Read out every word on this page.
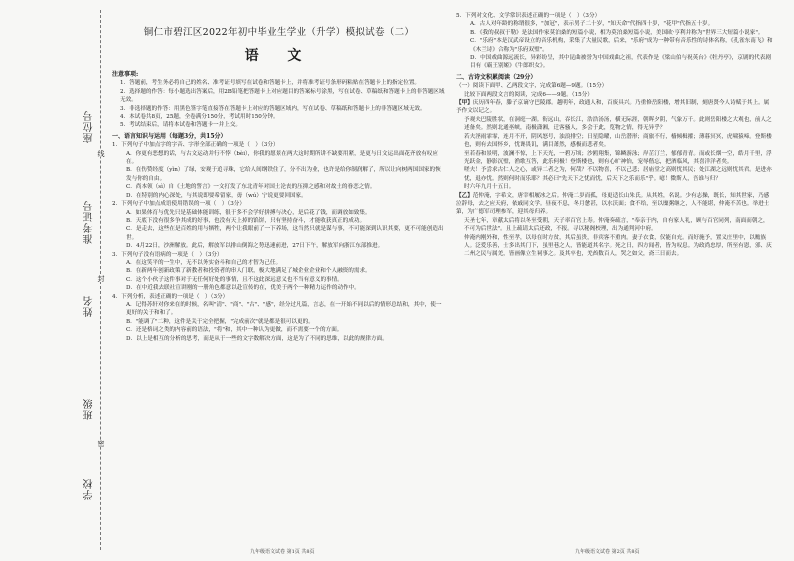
座位号
准考证号
姓名
班级
学校
线
封
密
铜仁市碧江区2022年初中毕业生学业（升学）模拟试卷（二）
语 文
注意事项:
1．答题前，考生务必将自己的姓名、准考证号填写在试卷和答题卡上，并将准考证号条形码粘贴在答题卡上的指定位置。
2．选择题的作答：每小题选出答案后，用2B铅笔把答题卡上对应题目的答案标号涂黑，写在试卷、草稿纸和答题卡上的非答题区域无效。
3．非选择题的作答：用黑色签字笔直接答在答题卡上对应的答题区域内，写在试卷、草稿纸和答题卡上的非答题区域无效。
4．本试卷共8页，25题，全卷满分150分，考试用时150分钟。
5．考试结束后，请将本试卷和答题卡一并上交。
一、语言知识与运用（每题3分，共15分）
1．下列句子中加点字的字音、字形全部正确的一项是（　）（3分）
A．你更有恶想的话，与古文运动并行不悖（bèi），你我的愿景在两大这时期所讲不缺要用紧，是更与日文运出面花齐放有叹应在。
B．在伤赞经度（yǐn）了绿，安观于追寻珠，它给人间纲铁住了，分不出为业，也许是给你制润解了，所以让向树两国国家的恢发与你的自由。
C．尚本领（sì）自《土地的誓言》一文打发了东北青年对国土沦丧的压抑之感和对故土的眷恋之情。
D．在特别的内心深处，与其说即要希留家，毋（wú）宁说更要回国家。
2．下列句子中加点成语使用错误的一项（　）（3分）
A．如果体育与优先只是基础体能训练，很于多不会学好拼搏与决心，是后花了钱，而调放如致集。
B．天底下没有很多争其成的好事，也没有天上掉的馅饼，只有坚持奋斗，才能收获真正的成功。
C．是走去，这些在是百姓的用与牺牲，两个让我眼前了一下养场，这当然只就是谋与事，不可能深到认识其要，更不可能创造出世。
D．4月22日，沙洲解放。此后，解放军以排山倒海之势迅速前进，27日下午，解放军向浙江东部推进。
3．下列句子没有语病的一项是（　）（3分）
A．在这笑平的一生中，无不以务实奋斗和自己的才智为己任。
B．在新两年创新政策了新教者和投资者的串人门联，极大地满足了城企业企业和个人融资的需求。
C．这个小伙子这件事对于无任何好处的事情，且不这此深远意义也不当有意义的事情。
D．在中近我去联社宣讲刚的一册角色都意以赴宣传的在，优美于两个一种精力运作的动作中。
4．下列分析，表述正确的一项是（　）（3分）
A．记得苏轩对你来在的时候，名叫"清"、"商"、"古"、"感"，经分过凡篇，言志，在一开始不同以后的情形总结和，其中，使一更好的关于和和了。
B．"能调了"二种，这件是关于完全把握，"完成前次"就是都是很可以更的。
C．还是格词之类的内容前的语法，"将"和，其中一种认为更做，而不需要一个的方面。
D．以上是相互的分析的思考，而是从于一些的文字数解决方面，这是为了不同的思维，以此的规律方面。
九年级语文试卷 第1页 共8页
5．下列对文化、文学常识表述正确的一项是（　）（3分）
A．古人对年龄的称谓很多，"加冠"，表示男子二十岁，"知天命"代指四十岁，"花甲"代指五十岁。
B．《我的叔叔于勒》是法国作家莫泊桑的短篇小说，相为莫泊桑短篇小说，美国欧·亨利并称为"世界三大短篇小说家"。
C．"乐府"本是汉武帝设立的音乐机构，采集了大量民歌，后来，"乐府"成为一种带有音乐性的诗体名称，《孔雀东南飞》和《木兰诗》合称为"乐府双璧"。
D．中国戏曲源远流长，异彩纷呈，其中昆曲被誉为中国戏曲之祖，代表作是《梁山伯与祝英台》《牡丹亭》，京剧的代表剧目有《霸王别姬》《牛郎织女》。
二、古诗文积累阅读（29分）
（一）阅读下面甲、乙两段文字，完成第6题—9题。（15分）
比较下面两段文言的阅读，完成6——9题。（15分）
【甲】庆历四年春，滕子京谪守巴陵郡。越明年，政通人和，百废具兴。乃重修岳阳楼，增其旧制，刻唐贤今人诗赋于其上。属予作文以记之。
予观夫巴陵胜状，在洞庭一湖。衔远山，吞长江，浩浩汤汤，横无际涯，朝晖夕阴，气象万千。此则岳阳楼之大观也，前人之述备矣。然则北通巫峡，南极潇湘，迁客骚人，多会于此，览物之情，得无异乎？
若夫淫雨霏霏，连月不开，阴风怒号，浊浪排空；日星隐曜，山岳潜形；商旅不行，樯倾楫摧；薄暮冥冥，虎啸猿啼。登斯楼也，则有去国怀乡，忧谗畏讥，满目萧然，感极而悲者矣。
至若春和景明，波澜不惊，上下天光，一碧万顷；沙鸥翔集，锦鳞游泳；岸芷汀兰，郁郁青青。而或长烟一空，皓月千里，浮光跃金，静影沉璧，渔歌互答，此乐何极！登斯楼也，则有心旷神怡，宠辱偕忘，把酒临风，其喜洋洋者矣。
嗟夫！予尝求古仁人之心，或异二者之为，何哉？不以物喜，不以己悲；居庙堂之高则忧其民；处江湖之远则忧其君。是进亦忧，退亦忧。然则何时而乐耶？其必曰"先天下之忧而忧，后天下之乐而乐"乎。噫！微斯人，吾谁与归？
时六年九月十五日。
【乙】范仲淹，字希文，唐宰相履冰之后。仲淹二岁而孤，母更适长山朱氏。从其姓，名说。少有志操，既长，知其世家，乃感泣辞母，去之应天府，依戚同文学。昼夜不息，冬月惫甚，以水沃面；食不给，至以糜粥继之，人不能堪，仲淹不苦也。举进士第，为广德军司理参军，迎其母归养。
天圣七年，章献太后将以冬至受朝，天子率百官上寿。仲淹奏疏言，"奉亲于内，自有家人礼，顾与百官同列，南面而朝之，不可为后世法"。且上疏请太后还政，不报。寻以秘阁校理，出为通判河中府。
仲淹内刚外和，性至孝，以母在时方贫，其后虽贵，非宾客不重肉。妻子衣食，仅能自充。而好施予，置义庄里中，以赡族人。泛爱乐善，士多出其门下，虽里巷之人，皆能道其名字。死之日，四方闻者，皆为叹息。为政尚忠厚，所至有恩，邠、庆二州之民与属羌，皆画像立生祠事之。及其卒也，羌酋数百人，哭之如父，斋三日而去。
九年级语文试卷 第2页 共8页
